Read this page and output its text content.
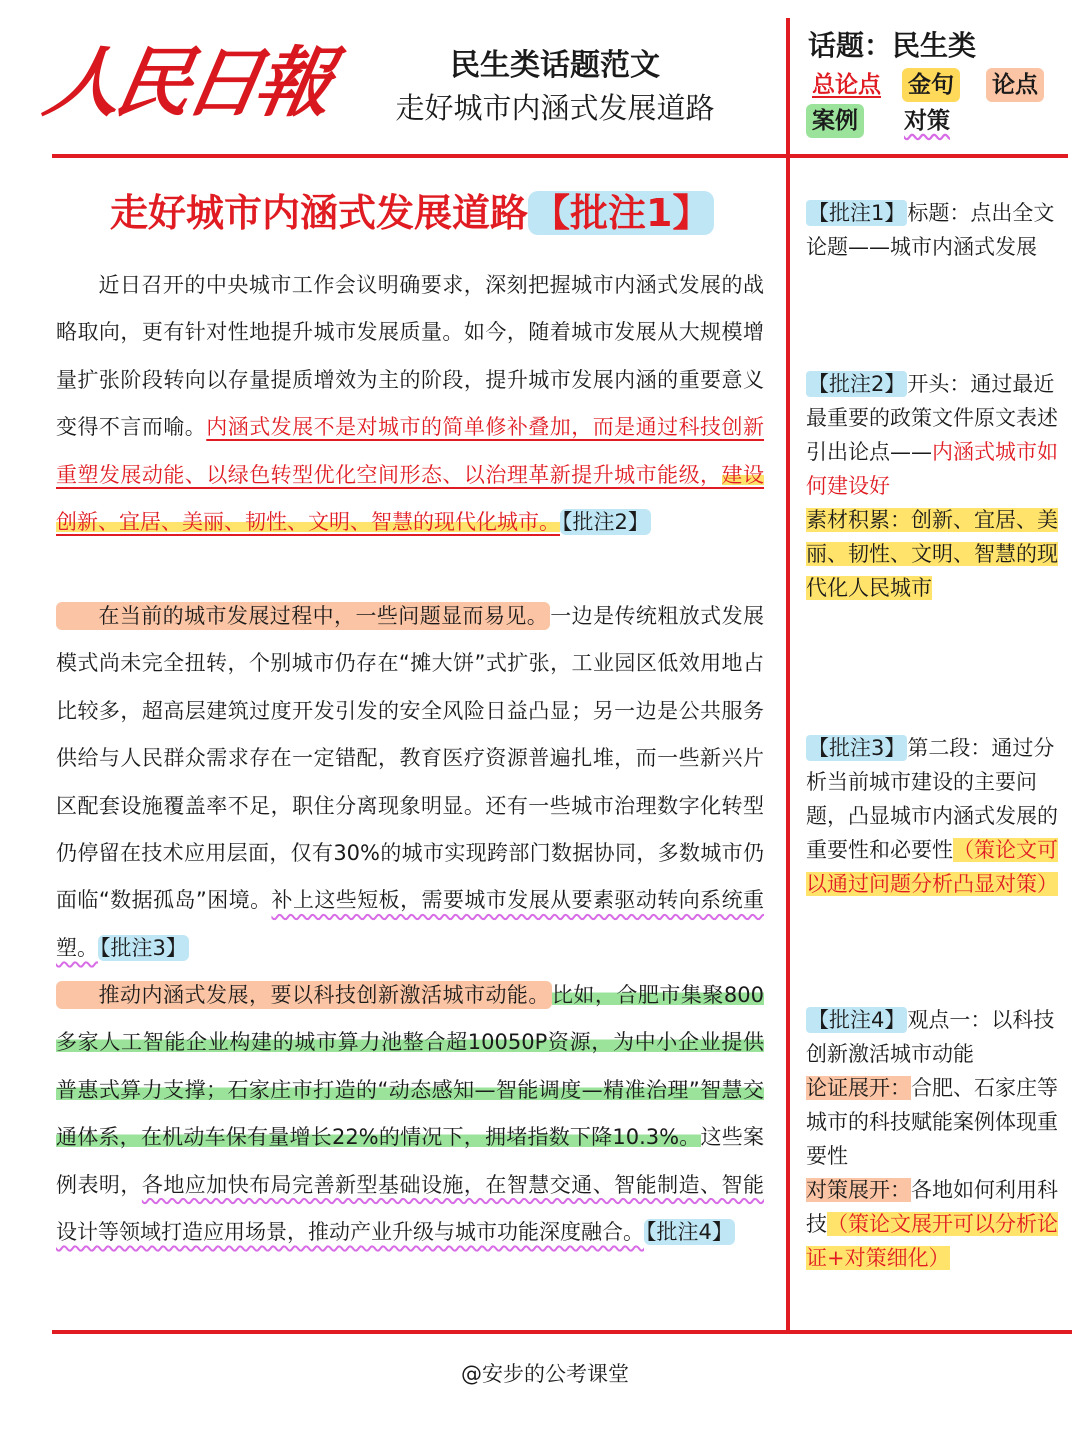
人民日報	民生类话题范文
走好城市内涵式发展道路
话题：民生类
总论点 金句 论点
案例 对策
走好城市内涵式发展道路 【批注1】
近日召开的中央城市工作会议明确要求，深刻把握城市内涵式发展的战略取向，更有针对性地提升城市发展质量。如今，随着城市发展从大规模增量扩张阶段转向以存量提质增效为主的阶段，提升城市发展内涵的重要意义变得不言而喻。内涵式发展不是对城市的简单修补叠加，而是通过科技创新重塑发展动能、以绿色转型优化空间形态、以治理革新提升城市能级，建设创新、宜居、美丽、韧性、文明、智慧的现代化城市。【批注2】
在当前的城市发展过程中，一些问题显而易见。一边是传统粗放式发展模式尚未完全扭转，个别城市仍存在“摊大饼”式扩张，工业园区低效用地占比较多，超高层建筑过度开发引发的安全风险日益凸显；另一边是公共服务供给与人民群众需求存在一定错配，教育医疗资源普遍扎堆，而一些新兴片区配套设施覆盖率不足，职住分离现象明显。还有一些城市治理数字化转型仍停留在技术应用层面，仅有30%的城市实现跨部门数据协同，多数城市仍面临“数据孤岛”困境。补上这些短板，需要城市发展从要素驱动转向系统重塑。【批注3】
推动内涵式发展，要以科技创新激活城市动能。比如，合肥市集聚800多家人工智能企业构建的城市算力池整合超10050P资源，为中小企业提供普惠式算力支撑；石家庄市打造的“动态感知—智能调度—精准治理”智慧交通体系，在机动车保有量增长22%的情况下，拥堵指数下降10.3%。这些案例表明，各地应加快布局完善新型基础设施，在智慧交通、智能制造、智能设计等领域打造应用场景，推动产业升级与城市功能深度融合。【批注4】
【批注1】标题：点出全文论题——城市内涵式发展
【批注2】开头：通过最近最重要的政策文件原文表述引出论点——内涵式城市如何建设好
素材积累：创新、宜居、美丽、韧性、文明、智慧的现代化人民城市
【批注3】第二段：通过分析当前城市建设的主要问题，凸显城市内涵式发展的重要性和必要性（策论文可以通过问题分析凸显对策）
【批注4】观点一：以科技创新激活城市动能
论证展开：合肥、石家庄等城市的科技赋能案例体现重要性
对策展开：各地如何利用科技（策论文展开可以分析论证+对策细化）
@安步的公考课堂
